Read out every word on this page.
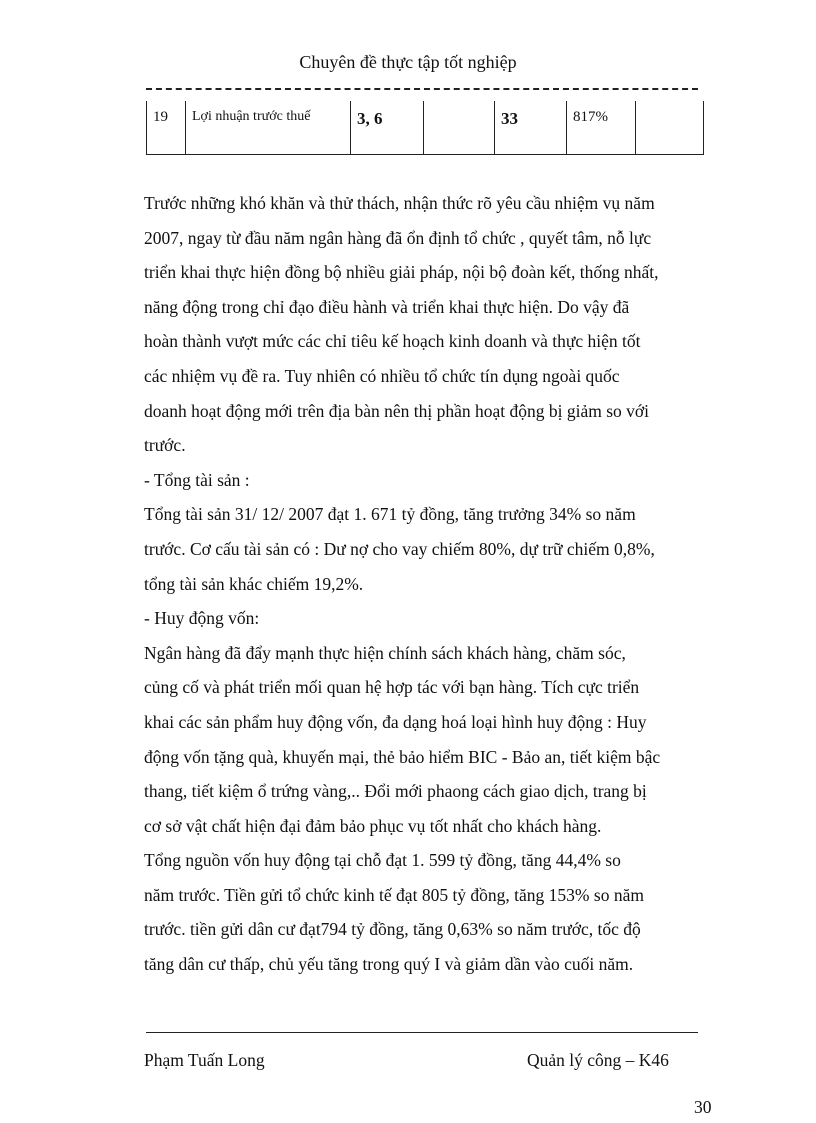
Chuyên đề thực tập tốt nghiệp
19	Lợi nhuận trước thuế	3, 6		33	817%	

Trước những khó khăn và thử thách, nhận thức rõ yêu cầu nhiệm vụ năm

2007, ngay từ đầu năm ngân hàng đã ổn định tổ chức , quyết tâm, nỗ lực

triển khai thực hiện đồng bộ nhiều giải pháp, nội bộ đoàn kết, thống nhất,

năng động trong chỉ đạo điều hành và triển khai thực hiện. Do vậy đã

hoàn thành vượt mức các chỉ tiêu kế hoạch kinh doanh và thực hiện tốt

các nhiệm vụ đề ra. Tuy nhiên có nhiều tổ chức tín dụng ngoài quốc

doanh hoạt động mới trên địa bàn nên thị phần hoạt động bị giảm so với

trước.

- Tổng tài sản :

Tổng tài sản 31/ 12/ 2007 đạt 1. 671 tỷ đồng, tăng trưởng 34% so năm

trước. Cơ cấu tài sản có : Dư nợ cho vay chiếm 80%, dự trữ chiếm 0,8%,

tổng tài sản khác chiếm 19,2%.

- Huy động vốn:

Ngân hàng đã đẩy mạnh thực hiện chính sách khách hàng, chăm sóc,

củng cố và phát triển mối quan hệ hợp tác với bạn hàng. Tích cực triển

khai các sản phẩm huy động vốn, đa dạng hoá loại hình huy động : Huy

động vốn tặng quà, khuyến mại, thẻ bảo hiểm BIC - Bảo an, tiết kiệm bậc

thang, tiết kiệm ổ trứng vàng,.. Đổi mới phaong cách giao dịch, trang bị

cơ sở vật chất hiện đại đảm bảo phục vụ tốt nhất cho khách hàng.

Tổng nguồn vốn huy động tại chỗ đạt 1. 599 tỷ đồng, tăng 44,4% so

năm trước. Tiền gửi tổ chức kinh tế đạt 805 tỷ đồng, tăng 153% so năm

trước. tiền gửi dân cư đạt794 tỷ đồng, tăng 0,63% so năm trước, tốc độ

tăng dân cư thấp, chủ yếu tăng trong quý I và giảm dần vào cuối năm.

Phạm Tuấn Long	Quản lý công – K46
30
